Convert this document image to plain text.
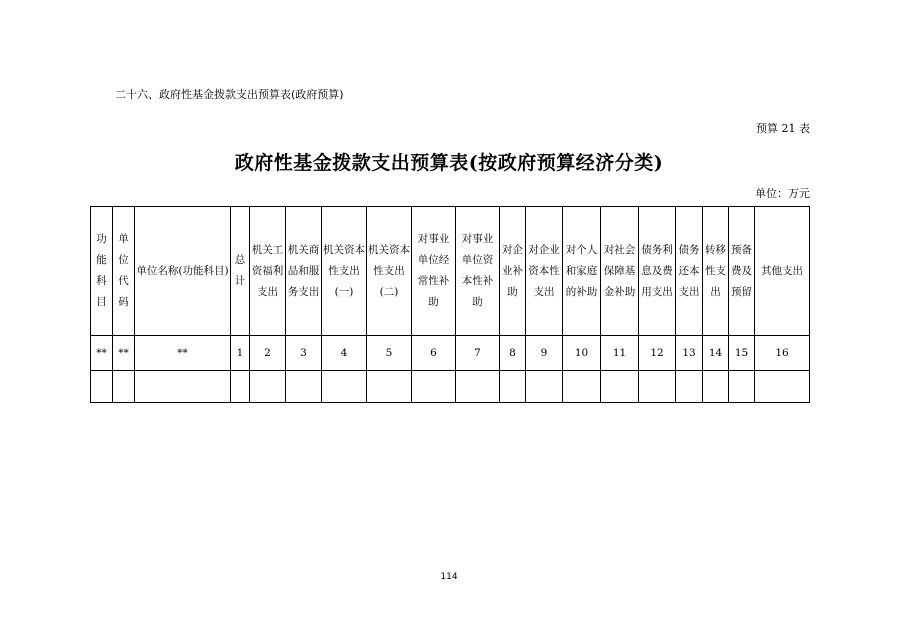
二十六、政府性基金拨款支出预算表(政府预算)
预算 21 表
政府性基金拨款支出预算表(按政府预算经济分类)
单位：万元
功
能
科
目	单
位
代
码	单位名称(功能科目)	总
计	机关工
资福利
支出	机关商
品和服
务支出	机关资本
性支出
(一)	机关资本
性支出
(二)	对事业
单位经
常性补
助	对事业
单位资
本性补
助	对企
业补
助	对企业
资本性
支出	对个人
和家庭
的补助	对社会
保障基
金补助	债务利
息及费
用支出	债务
还本
支出	转移
性支
出	预备
费及
预留	其他支出
**	**	**	1	2	3	4	5	6	7	8	9	10	11	12	13	14	15	16

114
